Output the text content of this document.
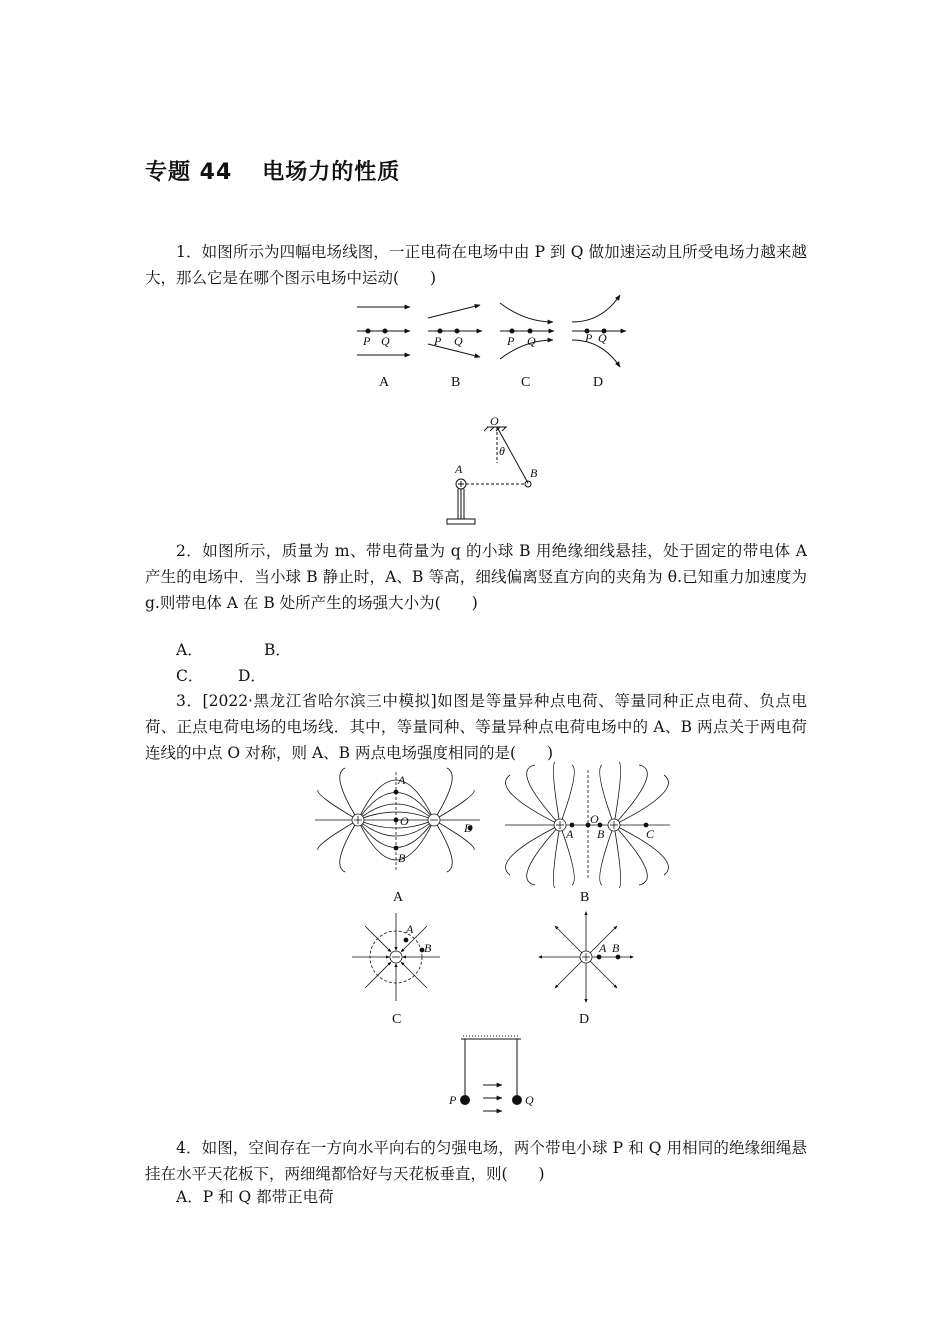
专题 44 电场力的性质
1．如图所示为四幅电场线图，一正电荷在电场中由 P 到 Q 做加速运动且所受电场力越来越大，那么它是在哪个图示电场中运动(　　)
P Q	P Q	P Q	P Q
A	B	C	D
O
θ
A	B
2．如图所示，质量为 m、带电荷量为 q 的小球 B 用绝缘细线悬挂，处于固定的带电体 A 产生的电场中．当小球 B 静止时，A、B 等高，细线偏离竖直方向的夹角为 θ.已知重力加速度为 g.则带电体 A 在 B 处所产生的场强大小为(　　)
A．	B．
C． D．
3．[2022·黑龙江省哈尔滨三中模拟]如图是等量异种点电荷、等量同种正点电荷、负点电荷、正点电荷电场的电场线．其中，等量同种、等量异种点电荷电场中的 A、B 两点关于两电荷连线的中点 O 对称，则 A、B 两点电场强度相同的是(　　)
A
O
B
D	A
O
B	C
A	B
A
B	A B
C	D
P	Q
4．如图，空间存在一方向水平向右的匀强电场，两个带电小球 P 和 Q 用相同的绝缘细绳悬挂在水平天花板下，两细绳都恰好与天花板垂直，则(　　)
A．P 和 Q 都带正电荷
